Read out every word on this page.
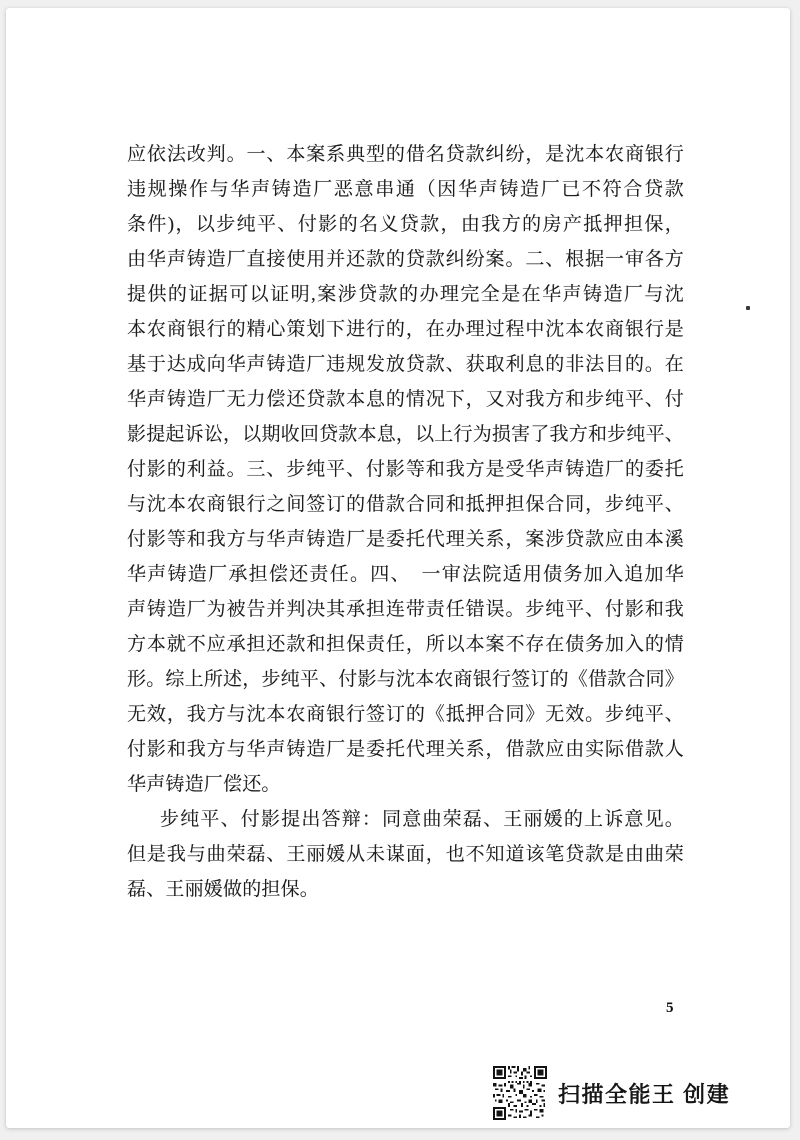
应依法改判。一、本案系典型的借名贷款纠纷，是沈本农商银行
违规操作与华声铸造厂恶意串通（因华声铸造厂已不符合贷款
条件)，以步纯平、付影的名义贷款，由我方的房产抵押担保，
由华声铸造厂直接使用并还款的贷款纠纷案。二、根据一审各方
提供的证据可以证明,案涉贷款的办理完全是在华声铸造厂与沈
本农商银行的精心策划下进行的，在办理过程中沈本农商银行是
基于达成向华声铸造厂违规发放贷款、获取利息的非法目的。在
华声铸造厂无力偿还贷款本息的情况下，又对我方和步纯平、付
影提起诉讼，以期收回贷款本息，以上行为损害了我方和步纯平、
付影的利益。三、步纯平、付影等和我方是受华声铸造厂的委托
与沈本农商银行之间签订的借款合同和抵押担保合同，步纯平、
付影等和我方与华声铸造厂是委托代理关系，案涉贷款应由本溪
华声铸造厂承担偿还责任。四、　一审法院适用债务加入追加华
声铸造厂为被告并判决其承担连带责任错误。步纯平、付影和我
方本就不应承担还款和担保责任，所以本案不存在债务加入的情
形。综上所述，步纯平、付影与沈本农商银行签订的《借款合同》
无效，我方与沈本农商银行签订的《抵押合同》无效。步纯平、
付影和我方与华声铸造厂是委托代理关系，借款应由实际借款人
华声铸造厂偿还。
步纯平、付影提出答辩：同意曲荣磊、王丽媛的上诉意见。
但是我与曲荣磊、王丽媛从未谋面，也不知道该笔贷款是由曲荣
磊、王丽媛做的担保。
5
扫描全能王 创建
